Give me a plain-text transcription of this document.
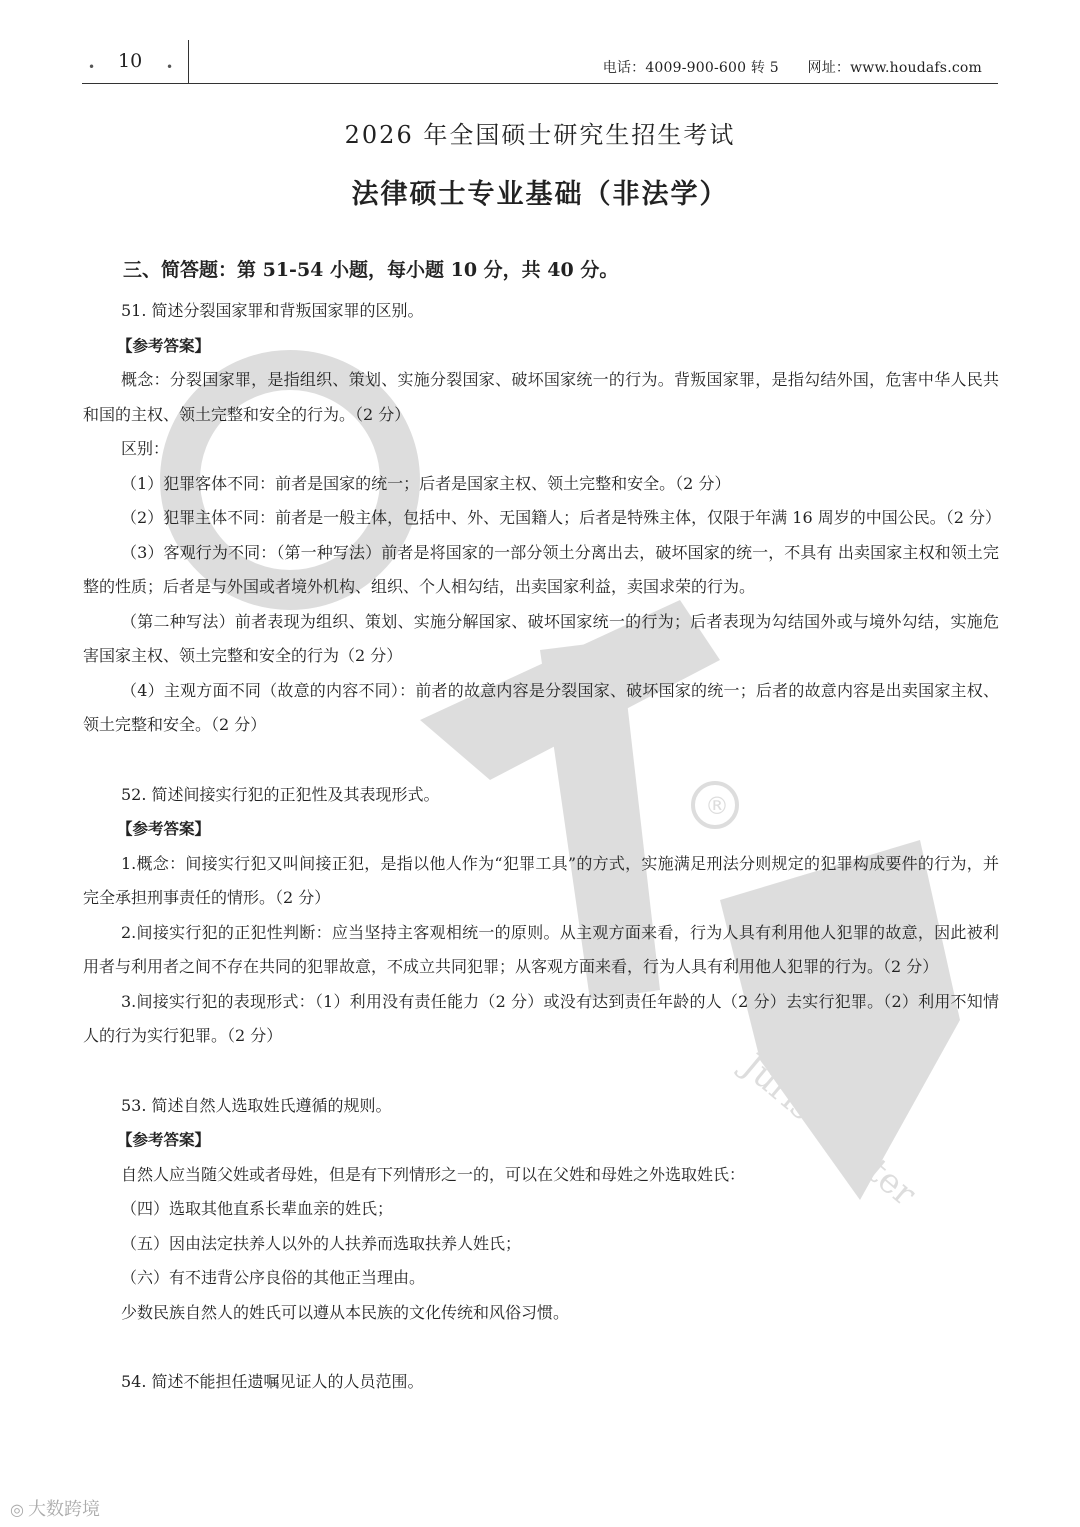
®
Juris Master
• 10 •	电话：4009-900-600 转 5 网址：www.houdafs.com
2026 年全国硕士研究生招生考试
法律硕士专业基础（非法学）

三、简答题：第 51-54 小题，每小题 10 分，共 40 分。

51. 简述分裂国家罪和背叛国家罪的区别。

【参考答案】

概念：分裂国家罪，是指组织、策划、实施分裂国家、破坏国家统一的行为。背叛国家罪，是指勾结外国，危害中华人民共和国的主权、领土完整和安全的行为。（2 分）

区别：

（1）犯罪客体不同：前者是国家的统一；后者是国家主权、领土完整和安全。（2 分）

（2）犯罪主体不同：前者是一般主体，包括中、外、无国籍人；后者是特殊主体，仅限于年满 16 周岁的中国公民。（2 分）

（3）客观行为不同：（第一种写法）前者是将国家的一部分领土分离出去，破坏国家的统一，不具有 出卖国家主权和领土完整的性质；后者是与外国或者境外机构、组织、个人相勾结，出卖国家利益，卖国求荣的行为。

（第二种写法）前者表现为组织、策划、实施分解国家、破坏国家统一的行为；后者表现为勾结国外或与境外勾结，实施危害国家主权、领土完整和安全的行为（2 分）

（4）主观方面不同（故意的内容不同）：前者的故意内容是分裂国家、破坏国家的统一；后者的故意内容是出卖国家主权、领土完整和安全。（2 分）

52. 简述间接实行犯的正犯性及其表现形式。

【参考答案】

1.概念：间接实行犯又叫间接正犯，是指以他人作为“犯罪工具”的方式，实施满足刑法分则规定的犯罪构成要件的行为，并完全承担刑事责任的情形。（2 分）

2.间接实行犯的正犯性判断：应当坚持主客观相统一的原则。从主观方面来看，行为人具有利用他人犯罪的故意，因此被利用者与利用者之间不存在共同的犯罪故意，不成立共同犯罪；从客观方面来看，行为人具有利用他人犯罪的行为。（2 分）

3.间接实行犯的表现形式：（1）利用没有责任能力（2 分）或没有达到责任年龄的人（2 分）去实行犯罪。（2）利用不知情人的行为实行犯罪。（2 分）

53. 简述自然人选取姓氏遵循的规则。

【参考答案】

自然人应当随父姓或者母姓，但是有下列情形之一的，可以在父姓和母姓之外选取姓氏：

（四）选取其他直系长辈血亲的姓氏；

（五）因由法定扶养人以外的人扶养而选取扶养人姓氏；

（六）有不违背公序良俗的其他正当理由。

少数民族自然人的姓氏可以遵从本民族的文化传统和风俗习惯。

54. 简述不能担任遗嘱见证人的人员范围。

◎ 大数跨境
